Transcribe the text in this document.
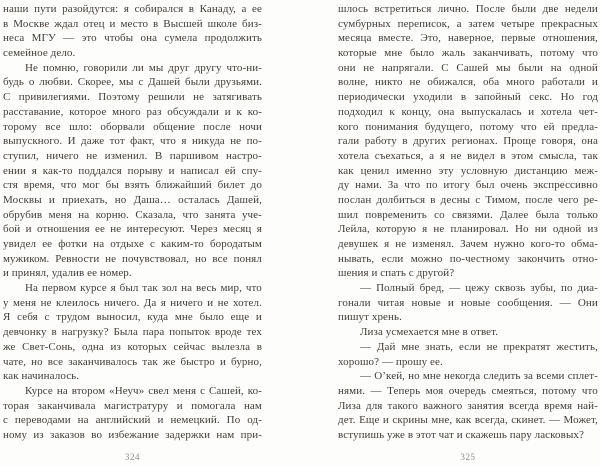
наши пути разойдутся: я собирался в Канаду, а ее
в Москве ждал отец и место в Высшей школе биз-
неса МГУ — это чтобы она сумела продолжить
семейное дело.
Не помню, говорили ли мы друг другу что-ни-
будь о любви. Скорее, мы с Дашей были друзьями.
С привилегиями. Поэтому решили не затягивать
расставание, которое много раз обсуждали и к ко-
торому все шло: оборвали общение после ночи
выпускного. И даже тот факт, что я никуда не по-
ступил, ничего не изменил. В паршивом настро-
ении я как-то поддался порыву и написал ей спу-
стя время, что мог бы взять ближайший билет до
Москвы и приехать, но Даша… осталась Дашей,
обрубив меня на корню. Сказала, что занята уче-
бой и отношения ее не интересуют. Через месяц я
увидел ее фотки на отдыхе с каким-то бородатым
мужиком. Ревности не почувствовал, но все понял
и принял, удалив ее номер.
На первом курсе я был так зол на весь мир, что
у меня не клеилось ничего. Да я ничего и не хотел.
Я себя с трудом выносил, куда мне было еще и
девчонку в нагрузку? Была пара попыток вроде тех
же Свет-Сонь, одна из которых сейчас вылезла в
чате, но все заканчивалось так же быстро и бурно,
как начиналось.
Курсе на втором «Неуч» свел меня с Сашей, ко-
торая заканчивала магистратуру и помогала нам
с переводами на английский и немецкий. По од-
ному из заказов во избежание задержки нам при-
шлось встретиться лично. После были две недели
сумбурных переписок, а затем четыре прекрасных
месяца вместе. Это, наверное, первые отношения,
которые мне было жаль заканчивать, потому что
они не напрягали. С Сашей мы были на одной
волне, никто не обижался, оба много работали и
периодически уходили в запойный секс. Но год
подходил к концу, она выпускалась и хотела чет-
кого понимания будущего, потому что ей предла-
гали работу в других регионах. Проще говоря, она
хотела съехаться, а я не видел в этом смысла, так
как ценил именно эту условную дистанцию меж-
ду нами. За что по итогу был очень экспрессивно
послан долбиться в десны с Тимом, после чего ре-
шил повременить со связями. Далее была только
Лейла, которую я не планировал. Но ни одной из
девушек я не изменял. Зачем нужно кого-то обма-
нывать, если можно по-честному закончить отно-
шения и спать с другой?
— Полный бред, — цежу сквозь зубы, по диа-
гонали читая новые и новые сообщения. — Они
пишут хрень.
Лиза усмехается мне в ответ.
— Дай мне знать, если не прекратят жестить,
хорошо? — прошу ее.
— О’кей, но мне некогда следить за всеми сплет-
нями. — Теперь моя очередь смеяться, потому что
Лиза для такого важного занятия всегда время най-
дет. Еще и скрины мне, как всегда, скинет. — Может,
вступишь уже в этот чат и скажешь пару ласковых?
324	325
